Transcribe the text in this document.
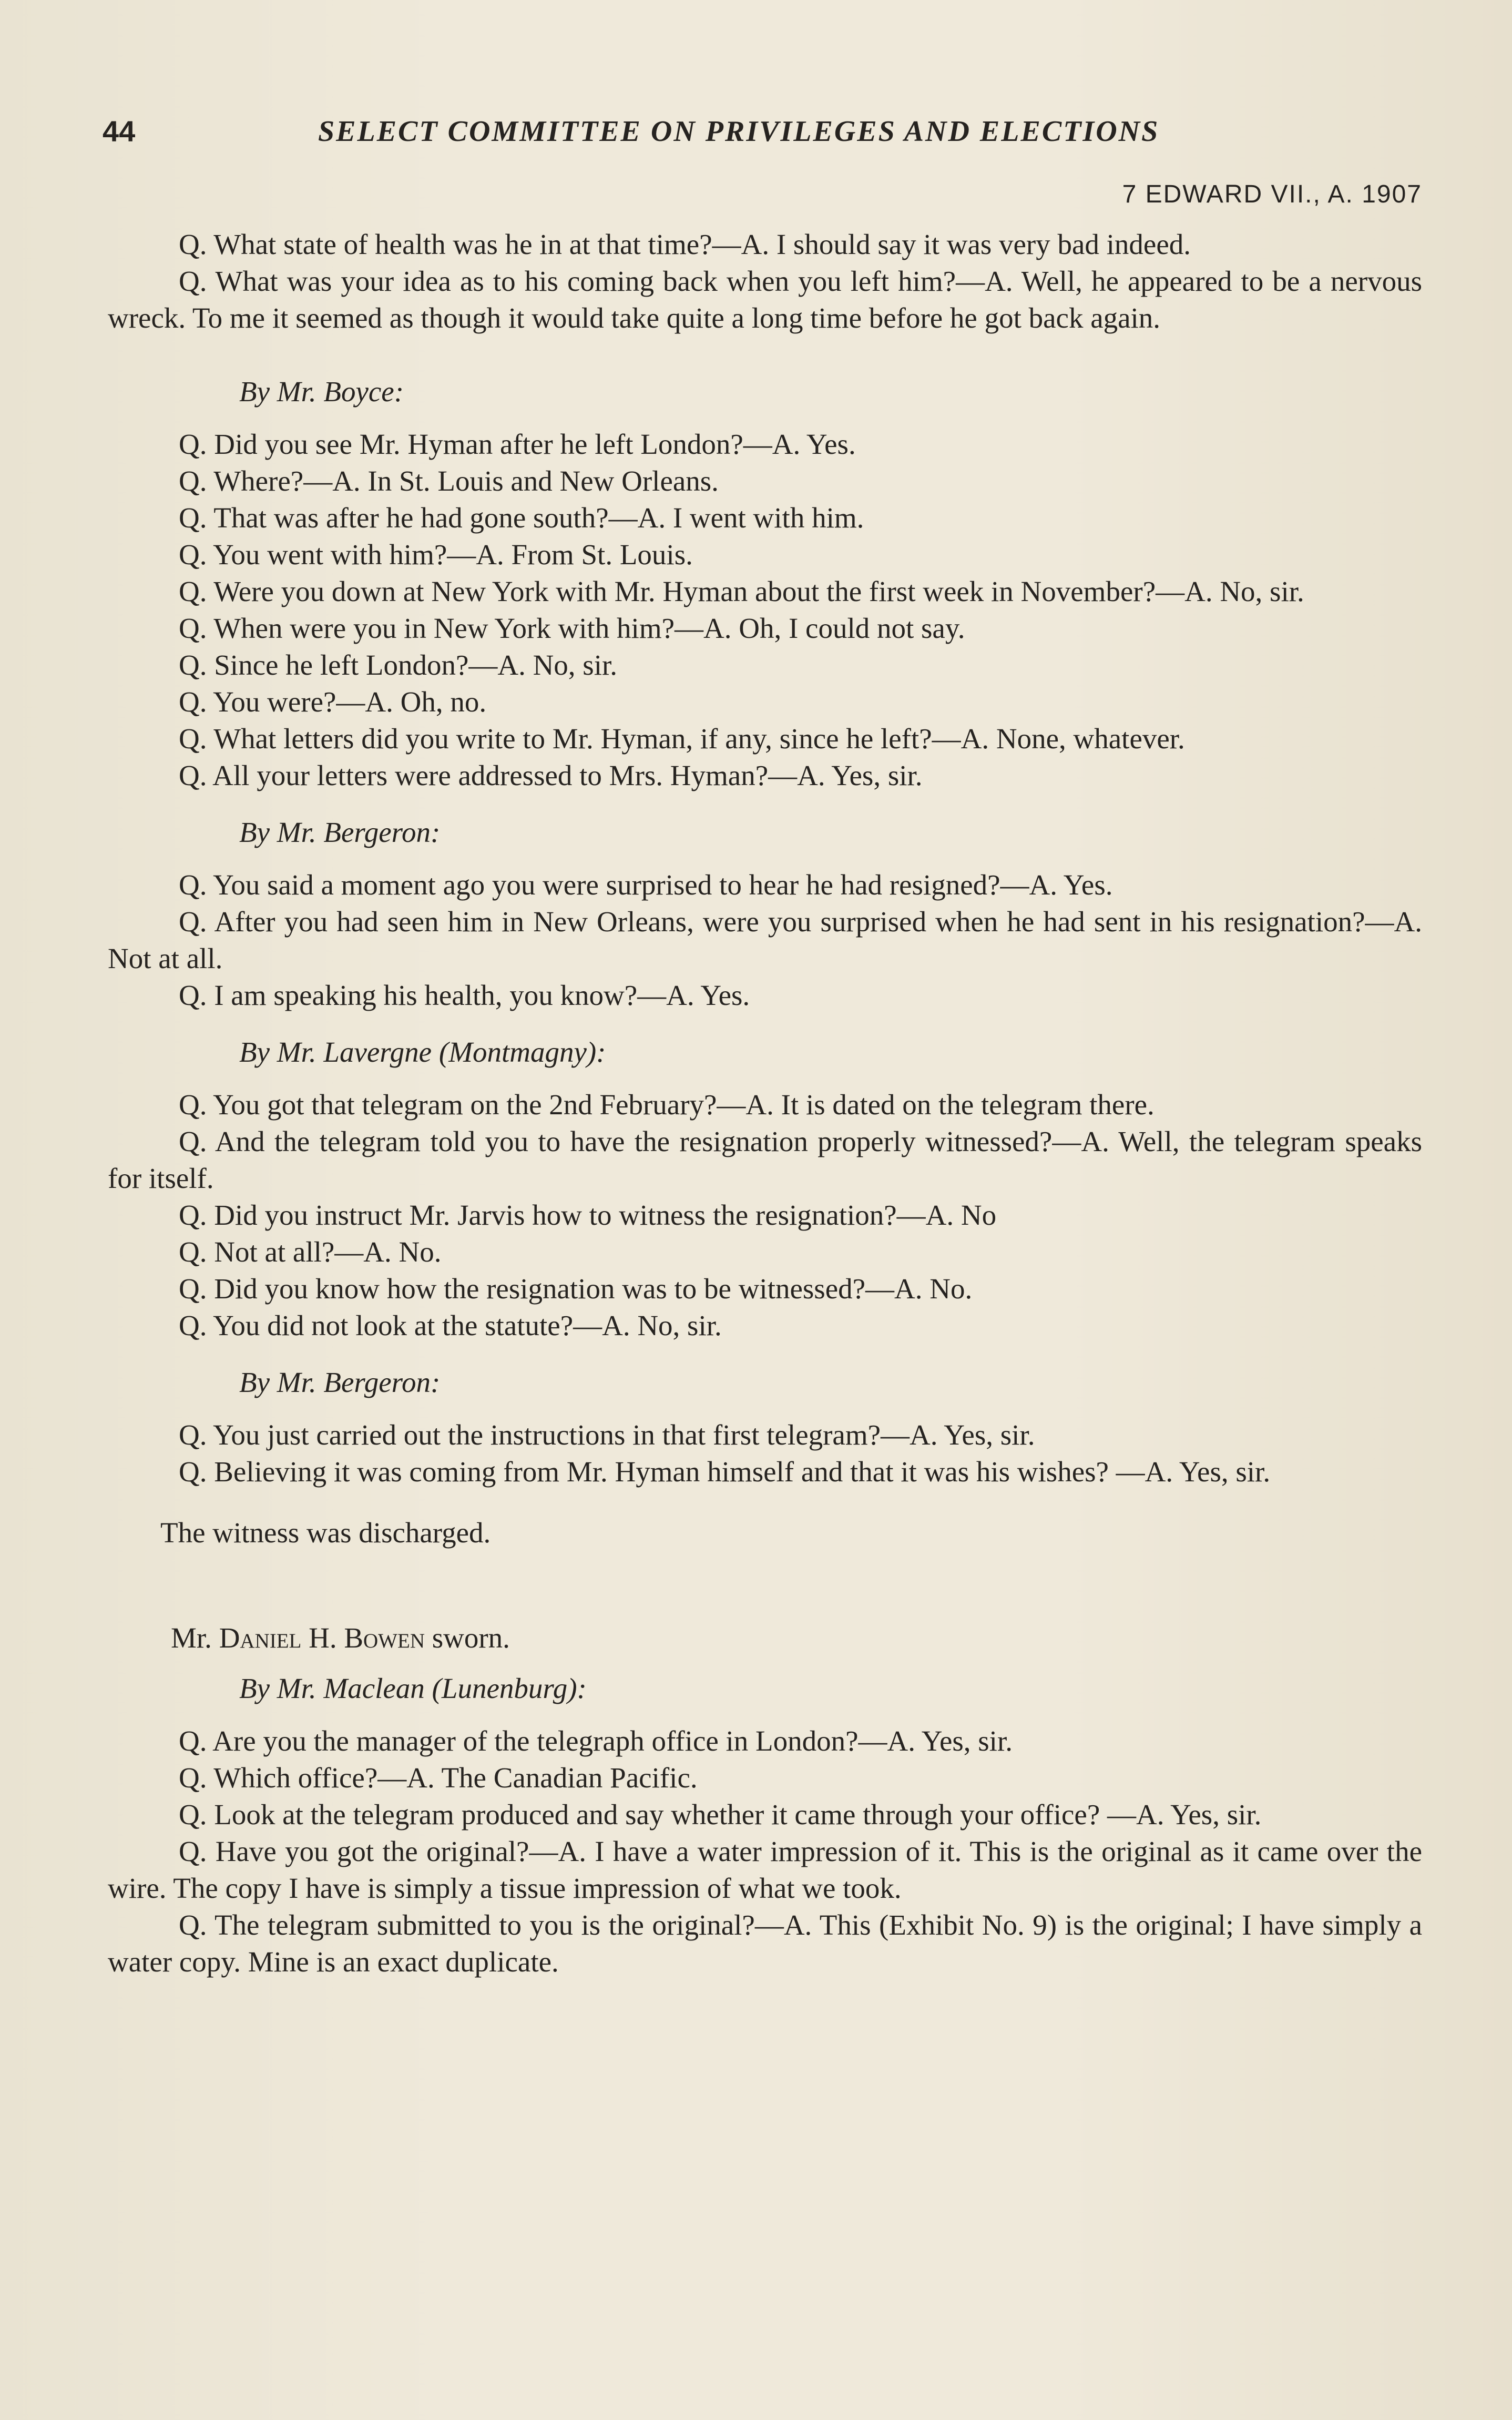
44	SELECT COMMITTEE ON PRIVILEGES AND ELECTIONS
7 EDWARD VII., A. 1907

Q. What state of health was he in at that time?—A. I should say it was very bad indeed.

Q. What was your idea as to his coming back when you left him?—A. Well, he appeared to be a nervous wreck. To me it seemed as though it would take quite a long time before he got back again.

By Mr. Boyce:

Q. Did you see Mr. Hyman after he left London?—A. Yes.

Q. Where?—A. In St. Louis and New Orleans.

Q. That was after he had gone south?—A. I went with him.

Q. You went with him?—A. From St. Louis.

Q. Were you down at New York with Mr. Hyman about the first week in November?—A. No, sir.

Q. When were you in New York with him?—A. Oh, I could not say.

Q. Since he left London?—A. No, sir.

Q. You were?—A. Oh, no.

Q. What letters did you write to Mr. Hyman, if any, since he left?—A. None, whatever.

Q. All your letters were addressed to Mrs. Hyman?—A. Yes, sir.

By Mr. Bergeron:

Q. You said a moment ago you were surprised to hear he had resigned?—A. Yes.

Q. After you had seen him in New Orleans, were you surprised when he had sent in his resignation?—A. Not at all.

Q. I am speaking his health, you know?—A. Yes.

By Mr. Lavergne (Montmagny):

Q. You got that telegram on the 2nd February?—A. It is dated on the telegram there.

Q. And the telegram told you to have the resignation properly witnessed?—A. Well, the telegram speaks for itself.

Q. Did you instruct Mr. Jarvis how to witness the resignation?—A. No

Q. Not at all?—A. No.

Q. Did you know how the resignation was to be witnessed?—A. No.

Q. You did not look at the statute?—A. No, sir.

By Mr. Bergeron:

Q. You just carried out the instructions in that first telegram?—A. Yes, sir.

Q. Believing it was coming from Mr. Hyman himself and that it was his wishes? —A. Yes, sir.

The witness was discharged.
Mr. Daniel H. Bowen sworn.
By Mr. Maclean (Lunenburg):

Q. Are you the manager of the telegraph office in London?—A. Yes, sir.

Q. Which office?—A. The Canadian Pacific.

Q. Look at the telegram produced and say whether it came through your office? —A. Yes, sir.

Q. Have you got the original?—A. I have a water impression of it. This is the original as it came over the wire. The copy I have is simply a tissue impression of what we took.

Q. The telegram submitted to you is the original?—A. This (Exhibit No. 9) is the original; I have simply a water copy. Mine is an exact duplicate.
